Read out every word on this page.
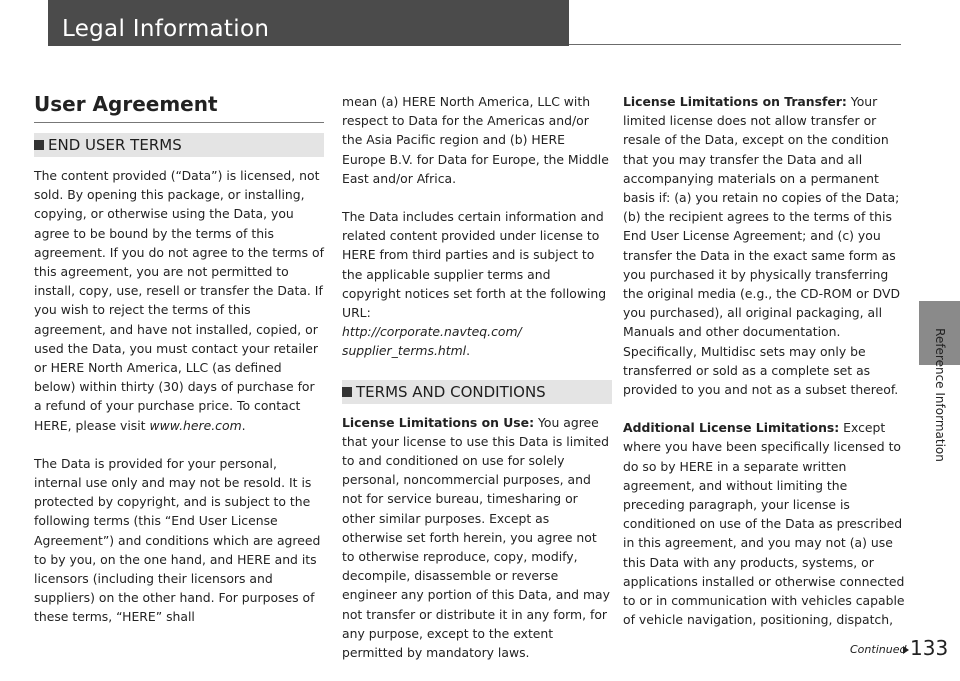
Legal Information
Reference Information
User Agreement
END USER TERMS

The content provided (“Data”) is licensed, not sold. By opening this package, or installing, copying, or otherwise using the Data, you agree to be bound by the terms of this agreement. If you do not agree to the terms of this agreement, you are not permitted to install, copy, use, resell or transfer the Data. If you wish to reject the terms of this agreement, and have not installed, copied, or used the Data, you must contact your retailer or HERE North America, LLC (as defined below) within thirty (30) days of purchase for a refund of your purchase price. To contact HERE, please visit www.here.com.

The Data is provided for your personal, internal use only and may not be resold. It is protected by copyright, and is subject to the following terms (this “End User License Agreement”) and conditions which are agreed to by you, on the one hand, and HERE and its licensors (including their licensors and suppliers) on the other hand. For purposes of these terms, “HERE” shall

mean (a) HERE North America, LLC with respect to Data for the Americas and/or the Asia Pacific region and (b) HERE Europe B.V. for Data for Europe, the Middle East and/or Africa.

The Data includes certain information and related content provided under license to HERE from third parties and is subject to the applicable supplier terms and copyright notices set forth at the following URL:
http://corporate.navteq.com/ supplier_terms.html.

TERMS AND CONDITIONS

License Limitations on Use: You agree that your license to use this Data is limited to and conditioned on use for solely personal, noncommercial purposes, and not for service bureau, timesharing or other similar purposes. Except as otherwise set forth herein, you agree not to otherwise reproduce, copy, modify, decompile, disassemble or reverse engineer any portion of this Data, and may not transfer or distribute it in any form, for any purpose, except to the extent permitted by mandatory laws.

License Limitations on Transfer: Your limited license does not allow transfer or resale of the Data, except on the condition that you may transfer the Data and all accompanying materials on a permanent basis if: (a) you retain no copies of the Data; (b) the recipient agrees to the terms of this End User License Agreement; and (c) you transfer the Data in the exact same form as you purchased it by physically transferring the original media (e.g., the CD-ROM or DVD you purchased), all original packaging, all Manuals and other documentation. Specifically, Multidisc sets may only be transferred or sold as a complete set as provided to you and not as a subset thereof.

Additional License Limitations: Except where you have been specifically licensed to do so by HERE in a separate written agreement, and without limiting the preceding paragraph, your license is conditioned on use of the Data as prescribed in this agreement, and you may not (a) use this Data with any products, systems, or applications installed or otherwise connected to or in communication with vehicles capable of vehicle navigation, positioning, dispatch,

Continued 133
